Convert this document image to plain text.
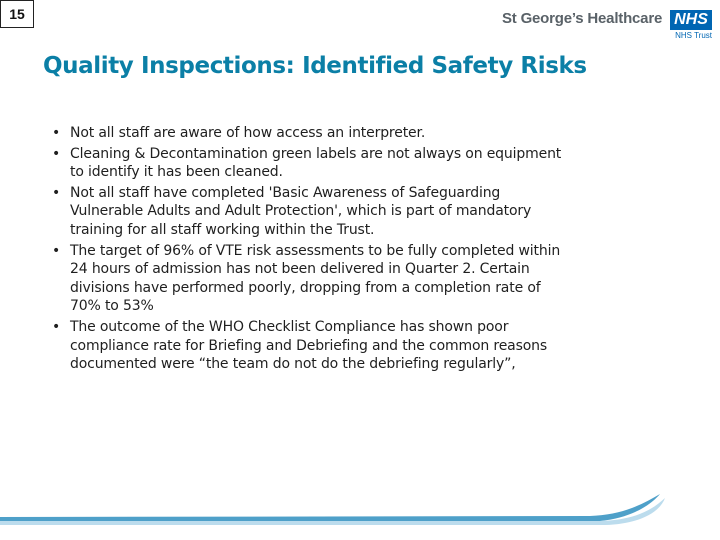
15	St George’s Healthcare NHS
NHS Trust
Quality Inspections: Identified Safety Risks
• Not all staff are aware of how access an interpreter.
• Cleaning & Decontamination green labels are not always on equipment
to identify it has been cleaned.
• Not all staff have completed 'Basic Awareness of Safeguarding
Vulnerable Adults and Adult Protection', which is part of mandatory
training for all staff working within the Trust.
• The target of 96% of VTE risk assessments to be fully completed within
24 hours of admission has not been delivered in Quarter 2. Certain
divisions have performed poorly, dropping from a completion rate of
70% to 53%
• The outcome of the WHO Checklist Compliance has shown poor
compliance rate for Briefing and Debriefing and the common reasons
documented were “the team do not do the debriefing regularly”,
